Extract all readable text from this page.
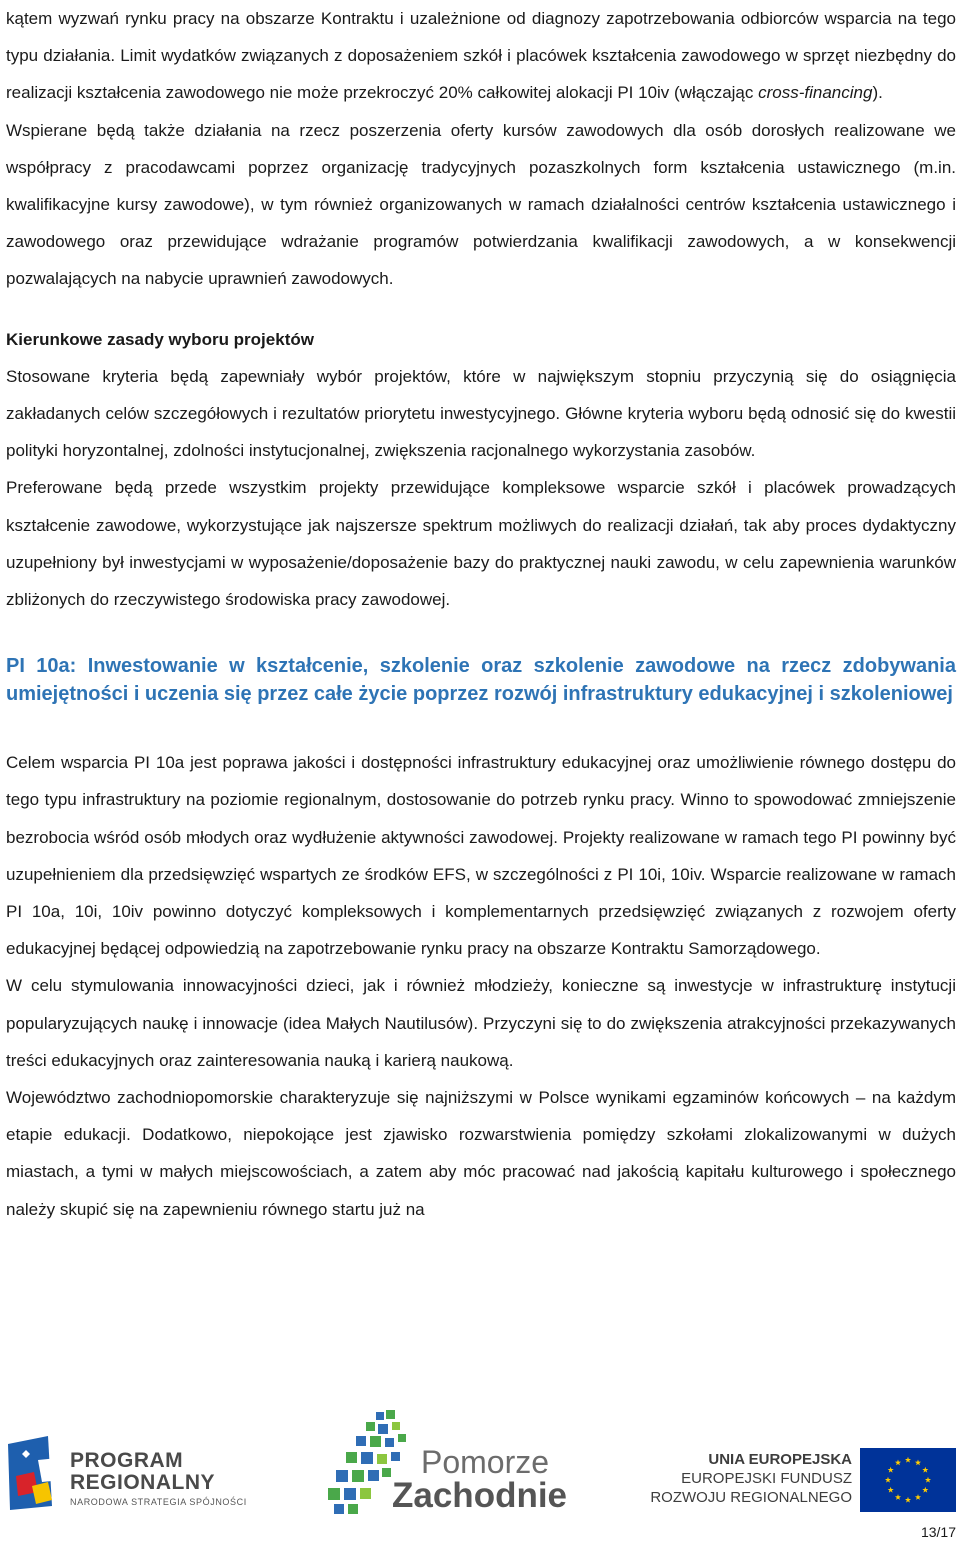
kątem wyzwań rynku pracy na obszarze Kontraktu i uzależnione od diagnozy zapotrzebowania odbiorców wsparcia na tego typu działania. Limit wydatków związanych z doposażeniem szkół i placówek kształcenia zawodowego w sprzęt niezbędny do realizacji kształcenia zawodowego nie może przekroczyć 20% całkowitej alokacji PI 10iv (włączając cross-financing).

Wspierane będą także działania na rzecz poszerzenia oferty kursów zawodowych dla osób dorosłych realizowane we współpracy z pracodawcami poprzez organizację tradycyjnych pozaszkolnych form kształcenia ustawicznego (m.in. kwalifikacyjne kursy zawodowe), w tym również organizowanych w ramach działalności centrów kształcenia ustawicznego i zawodowego oraz przewidujące wdrażanie programów potwierdzania kwalifikacji zawodowych, a w konsekwencji pozwalających na nabycie uprawnień zawodowych.

Kierunkowe zasady wyboru projektów

Stosowane kryteria będą zapewniały wybór projektów, które w największym stopniu przyczynią się do osiągnięcia zakładanych celów szczegółowych i rezultatów priorytetu inwestycyjnego. Główne kryteria wyboru będą odnosić się do kwestii polityki horyzontalnej, zdolności instytucjonalnej, zwiększenia racjonalnego wykorzystania zasobów.

Preferowane będą przede wszystkim projekty przewidujące kompleksowe wsparcie szkół i placówek prowadzących kształcenie zawodowe, wykorzystujące jak najszersze spektrum możliwych do realizacji działań, tak aby proces dydaktyczny uzupełniony był inwestycjami w wyposażenie/doposażenie bazy do praktycznej nauki zawodu, w celu zapewnienia warunków zbliżonych do rzeczywistego środowiska pracy zawodowej.

PI 10a: Inwestowanie w kształcenie, szkolenie oraz szkolenie zawodowe na rzecz zdobywania umiejętności i uczenia się przez całe życie poprzez rozwój infrastruktury edukacyjnej i szkoleniowej

Celem wsparcia PI 10a jest poprawa jakości i dostępności infrastruktury edukacyjnej oraz umożliwienie równego dostępu do tego typu infrastruktury na poziomie regionalnym, dostosowanie do potrzeb rynku pracy. Winno to spowodować zmniejszenie bezrobocia wśród osób młodych oraz wydłużenie aktywności zawodowej. Projekty realizowane w ramach tego PI powinny być uzupełnieniem dla przedsięwzięć wspartych ze środków EFS, w szczególności z PI 10i, 10iv. Wsparcie realizowane w ramach PI 10a, 10i, 10iv powinno dotyczyć kompleksowych i komplementarnych przedsięwzięć związanych z rozwojem oferty edukacyjnej będącej odpowiedzią na zapotrzebowanie rynku pracy na obszarze Kontraktu Samorządowego.

W celu stymulowania innowacyjności dzieci, jak i również młodzieży, konieczne są inwestycje w infrastrukturę instytucji popularyzujących naukę i innowacje (idea Małych Nautilusów). Przyczyni się to do zwiększenia atrakcyjności przekazywanych treści edukacyjnych oraz zainteresowania nauką i karierą naukową.

Województwo zachodniopomorskie charakteryzuje się najniższymi w Polsce wynikami egzaminów końcowych – na każdym etapie edukacji. Dodatkowo, niepokojące jest zjawisko rozwarstwienia pomiędzy szkołami zlokalizowanymi w dużych miastach, a tymi w małych miejscowościach, a zatem aby móc pracować nad jakością kapitału kulturowego i społecznego należy skupić się na zapewnieniu równego startu już na

PROGRAM
REGIONALNY
NARODOWA STRATEGIA SPÓJNOŚCI
Pomorze
Zachodnie
UNIA EUROPEJSKA
EUROPEJSKI FUNDUSZ
ROZWOJU REGIONALNEGO
13/17
